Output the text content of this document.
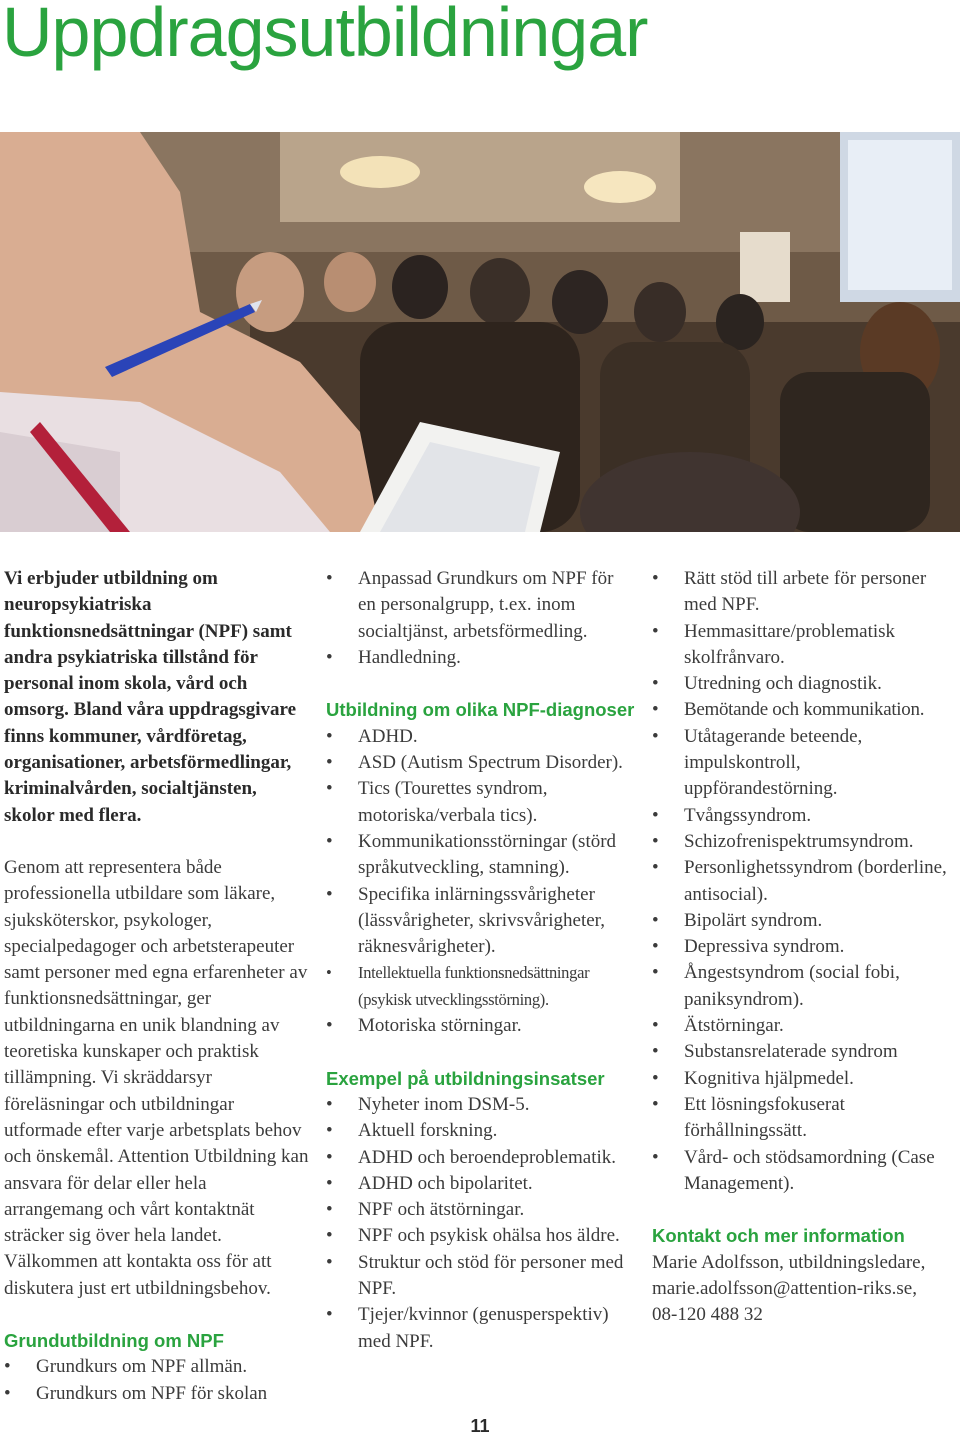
Uppdragsutbildningar

Vi erbjuder utbildning om neuropsykiatriska funktionsnedsättningar (NPF) samt andra psykiatriska tillstånd för personal inom skola, vård och omsorg. Bland våra uppdragsgivare finns kommuner, vårdföretag, organisationer, arbetsförmedlingar, kriminalvården, socialtjänsten, skolor med flera.

Genom att representera både professionella utbildare som läkare, sjuksköterskor, psykologer, specialpedagoger och arbetsterapeuter samt personer med egna erfarenheter av funktionsnedsättningar, ger utbildningarna en unik blandning av teoretiska kunskaper och praktisk tillämpning. Vi skräddarsyr föreläsningar och utbildningar utformade efter varje arbetsplats behov och önskemål. Attention Utbildning kan ansvara för delar eller hela arrangemang och vårt kontaktnät sträcker sig över hela landet. Välkommen att kontakta oss för att diskutera just ert utbildningsbehov.

Grundutbildning om NPF
• Grundkurs om NPF allmän.
• Grundkurs om NPF för skolan
• Anpassad Grundkurs om NPF för en personalgrupp, t.ex. inom socialtjänst, arbetsförmedling.
• Handledning.
Utbildning om olika NPF-diagnoser
• ADHD.
• ASD (Autism Spectrum Disorder).
• Tics (Tourettes syndrom, motoriska/verbala tics).
• Kommunikationsstörningar (störd språkutveckling, stamning).
• Specifika inlärningssvårigheter (lässvårigheter, skrivsvårigheter, räknesvårigheter).
• Intellektuella funktionsnedsättningar (psykisk utvecklingsstörning).
• Motoriska störningar.
Exempel på utbildningsinsatser
• Nyheter inom DSM-5.
• Aktuell forskning.
• ADHD och beroendeproblematik.
• ADHD och bipolaritet.
• NPF och ätstörningar.
• NPF och psykisk ohälsa hos äldre.
• Struktur och stöd för personer med NPF.
• Tjejer/kvinnor (genusperspektiv) med NPF.
• Rätt stöd till arbete för personer med NPF.
• Hemmasittare/problematisk skolfrånvaro.
• Utredning och diagnostik.
• Bemötande och kommunikation.
• Utåtagerande beteende, impulskontroll, uppförandestörning.
• Tvångssyndrom.
• Schizofrenispektrumsyndrom.
• Personlighetssyndrom (borderline, antisocial).
• Bipolärt syndrom.
• Depressiva syndrom.
• Ångestsyndrom (social fobi, paniksyndrom).
• Ätstörningar.
• Substansrelaterade syndrom
• Kognitiva hjälpmedel.
• Ett lösningsfokuserat förhållningssätt.
• Vård- och stödsamordning (Case Management).
Kontakt och mer information

Marie Adolfsson, utbildningsledare,

marie.adolfsson@attention-riks.se,

08-120 488 32

11
